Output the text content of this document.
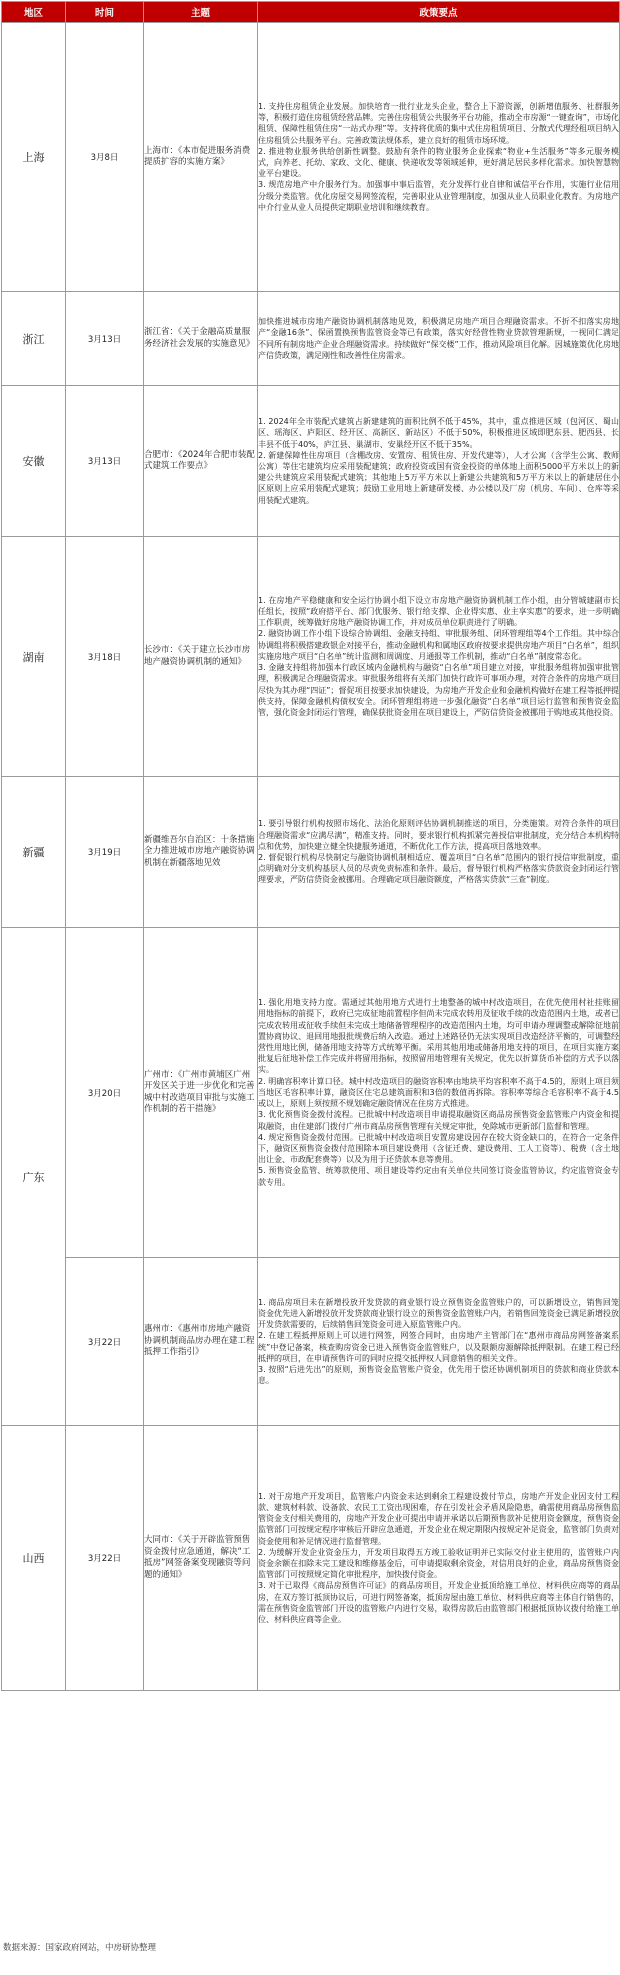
地区	时间	主题	政策要点
上海	3月8日	上海市：《本市促进服务消费提质扩容的实施方案》	1. 支持住房租赁企业发展。加快培育一批行业龙头企业，整合上下游资源，创新增值服务、社群服务等，积极打造住房租赁经营品牌。完善住房租赁公共服务平台功能，推动全市房源“一键查询”，市场化租赁、保障性租赁住房“一站式办理”等。支持将优质的集中式住房租赁项目、分散式代理经租项目纳入住房租赁公共服务平台。完善政策法规体系，建立良好的租赁市场环境。
2. 推进物业服务供给创新性调整。鼓励有条件的物业服务企业探索“物业+生活服务”等多元服务模式，向养老、托幼、家政、文化、健康、快递收发等领域延伸，更好满足居民多样化需求。加快智慧物业平台建设。
3. 规范房地产中介服务行为。加强事中事后监管，充分发挥行业自律和诚信平台作用，实施行业信用分级分类监管。优化房屋交易网签流程，完善职业从业管理制度，加强从业人员职业化教育。为房地产中介行业从业人员提供定期职业培训和继续教育。

浙江	3月13日	浙江省：《关于金融高质量服务经济社会发展的实施意见》	加快推进城市房地产融资协调机制落地见效，积极满足房地产项目合理融资需求。不折不扣落实房地产“金融16条”、保函置换预售监管资金等已有政策，落实好经营性物业贷款管理新规，一视同仁满足不同所有制房地产企业合理融资需求。持续做好“保交楼”工作，推动风险项目化解。因城施策优化房地产信贷政策，满足刚性和改善性住房需求。

安徽	3月13日	合肥市：《2024年合肥市装配式建筑工作要点》	1. 2024年全市装配式建筑占新建建筑的面积比例不低于45%，其中，重点推进区域（包河区、蜀山区、瑶海区、庐阳区、经开区、高新区、新站区）不低于50%，积极推进区域即肥东县、肥西县、长丰县不低于40%，庐江县、巢湖市、安巢经开区不低于35%。
2. 新建保障性住房项目（含棚改房、安置房、租赁住房、开发代建等），人才公寓（含学生公寓、教师公寓）等住宅建筑均应采用装配建筑；政府投资或国有资金投资的单体地上面积5000平方米以上的新建公共建筑应采用装配式建筑；其他地上5万平方米以上新建公共建筑和5万平方米以上的新建居住小区原则上应采用装配式建筑；鼓励工业用地上新建研发楼、办公楼以及厂房（机房、车间）、仓库等采用装配式建筑。

湖南	3月18日	长沙市：《关于建立长沙市房地产融资协调机制的通知》	1. 在房地产平稳健康和安全运行协调小组下设立市房地产融资协调机制工作小组，由分管城建副市长任组长，按照“政府搭平台、部门优服务、银行给支撑、企业得实惠、业主享实惠”的要求，进一步明确工作职责，统筹做好房地产融资协调工作，并对成员单位职责进行了明确。
2. 融资协调工作小组下设综合协调组、金融支持组、审批服务组、闭环管理组等4个工作组。其中综合协调组将积极搭建政银企对接平台，推动金融机构和属地区政府按要求提供房地产项目“白名单”，组织实施房地产项目“白名单”统计监测和周调度、月通报等工作机制，推动“白名单”制度常态化。
3. 金融支持组将加强本行政区域内金融机构与融资“白名单”项目建立对接，审批服务组将加强审批管理，积极满足合理融资需求。审批服务组将有关部门加快行政许可事项办理，对符合条件的房地产项目尽快为其办理“四证”；督促项目按要求加快建设，为房地产开发企业和金融机构做好在建工程等抵押提供支持，保障金融机构债权安全。闭环管理组将进一步强化融资“白名单”项目运行监管和预售资金监管，强化资金封闭运行管理，确保获批资金用在项目建设上，严防信贷资金被挪用于购地或其他投资。

新疆	3月19日	新疆维吾尔自治区：十条措施全力推进城市房地产融资协调机制在新疆落地见效	1. 要引导银行机构按照市场化、法治化原则评估协调机制推送的项目，分类施策。对符合条件的项目合理融资需求“应满尽满”，精准支持。同时，要求银行机构抓紧完善授信审批制度，充分结合本机构特点和优势，加快建立健全快捷服务通道，不断优化工作方法，提高项目落地效率。
2. 督促银行机构尽快制定与融资协调机制相适应、覆盖项目“白名单”范围内的银行授信审批制度，重点明确对分支机构基层人员的尽责免责标准和条件。最后，督导银行机构严格落实贷款资金封闭运行管理要求，严防信贷资金被挪用。合理确定项目融资额度，严格落实贷款“三查”制度。

广东	3月20日	广州市：《广州市黄埔区广州开发区关于进一步优化和完善城中村改造项目审批与实施工作机制的若干措施》	1. 强化用地支持力度。需通过其他用地方式进行土地整备的城中村改造项目，在优先使用村社挂账留用地指标的前提下，政府已完成征地前置程序但尚未完成农转用及征收手续的改造范围内土地，或者已完成农转用或征收手续但未完成土地储备管理程序的改造范围内土地，均可申请办理调整或解除征地前置协商协议、退回用地报批规费后纳入改造。通过上述路径仍无法实现项目改造经济平衡的，可调整经营性用地比例，储备用地支持等方式统筹平衡。采用其他用地或储备用地支持的项目，在项目实施方案批复后征地补偿工作完成并将留用指标，按照留用地管理有关规定，优先以折算货币补偿的方式予以落实。
2. 明确容积率计算口径。城中村改造项目的融资容积率由地块平均容积率不高于4.5的，原则上项目须当地区毛容积率计算，融资区住宅总建筑面积和3倍的数值再拆除。容积率等综合毛容积率不高于4.5或以上，原则上须按照不规划确定融资情况在住房方式推进。
3. 优化预售资金拨付流程。已批城中村改造项目申请提取融资区商品房预售资金监管账户内资金和提取融资，由住建部门拨付广州市商品房预售管理有关规定审批，免除城市更新部门监督和管理。
4. 规定预售资金拨付范围。已批城中村改造项目安置房建设因存在较大资金缺口的，在符合一定条件下，融资区预售资金拨付范围除本项目建设费用（含征迁费、建设费用、工人工资等）、税费（含土地出让金、市政配套费等）以及为用于还贷款本息等费用。
5. 预售资金监管、统筹款使用、项目建设等约定由有关单位共同签订资金监管协议，约定监管资金专款专用。

	3月22日	惠州市：《惠州市房地产融资协调机制商品房办理在建工程抵押工作指引》	1. 商品房项目未在新增投放开发贷款的商业银行设立预售资金监管账户的，可以新增设立，销售回笼资金优先进入新增投放开发贷款商业银行设立的预售资金监管账户内，若销售回笼资金已满足新增投放开发贷款需要的，后续销售回笼资金可进入原监管账户内。
2. 在建工程抵押原则上可以进行网签，网签合同时，由房地产主管部门在“惠州市商品房网签备案系统”中登记备案，核查购房资金已进入预售资金监管账户，以及限额房源解除抵押限制。在建工程已经抵押的项目，在申请预售许可的同时应提交抵押权人同意销售的相关文件。
3. 按照“后进先出”的原则，预售资金监管账户资金，优先用于偿还协调机制项目的贷款和商业贷款本息。

山西	3月22日	大同市：《关于开辟监管预售资金拨付应急通道，解决“工抵房”网签备案变现融资等问题的通知》	1. 对于房地产开发项目，监管账户内资金未达到剩余工程建设拨付节点，房地产开发企业因支付工程款、建筑材料款、设备款、农民工工资出现困难，存在引发社会矛盾风险隐患，确需使用商品房预售监管资金支付相关费用的，房地产开发企业可提出申请并承诺以后期预售款补足使用资金额度，预售资金监管部门可按规定程序审核后开辟应急通道，开发企业在规定期限内按规定补足资金，监管部门负责对资金使用和补足情况进行监督管理。
2. 为缓解开发企业资金压力，开发项目取得五方竣工验收证明并已实际交付业主使用的，监管账户内资金余额在扣除未完工建设和维修基金后，可申请提取剩余资金，对信用良好的企业，商品房预售资金监管部门可按照规定简化审批程序，加快拨付资金。
3. 对于已取得《商品房预售许可证》的商品房项目，开发企业抵顶给施工单位、材料供应商等的商品房，在双方签订抵顶协议后，可进行网签备案，抵顶房屋由施工单位、材料供应商等主体自行销售的，需在预售资金监管部门开设的监管账户内进行交易，取得房款后由监管部门根据抵顶协议拨付给施工单位、材料供应商等企业。
数据来源：国家政府网站，中房研协整理
